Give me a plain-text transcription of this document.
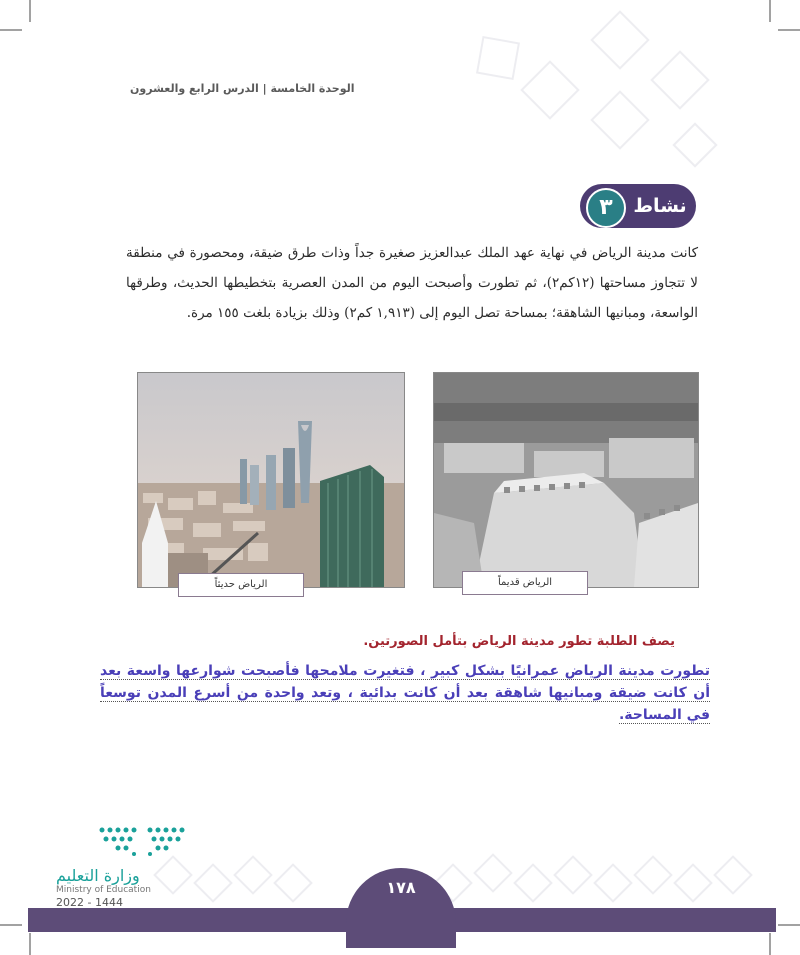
الوحدة الخامسة | الدرس الرابع والعشرون
٣	نشاط
كانت مدينة الرياض في نهاية عهد الملك عبدالعزيز صغيرة جداً وذات طرق ضيقة، ومحصورة في منطقة لا تتجاوز مساحتها (١٢كم٢)، ثم تطورت وأصبحت اليوم من المدن العصرية بتخطيطها الحديث، وطرقها الواسعة، ومبانيها الشاهقة؛ بمساحة تصل اليوم إلى (١,٩١٣ كم٢) وذلك بزيادة بلغت ١٥٥ مرة.
الرياض حديثاً	الرياض قديماً
يصف الطلبة تطور مدينة الرياض بتأمل الصورتين.
تطورت مدينة الرياض عمرانيًا بشكل كبير ، فتغيرت ملامحها فأصبحت شوارعها واسعة بعد أن كانت ضيقة ومبانيها شاهقة بعد أن كانت بدائية ، وتعد واحدة من أسرع المدن توسعاً في المساحة.
١٧٨
وزارة التعليم
Ministry of Education
2022 - 1444
